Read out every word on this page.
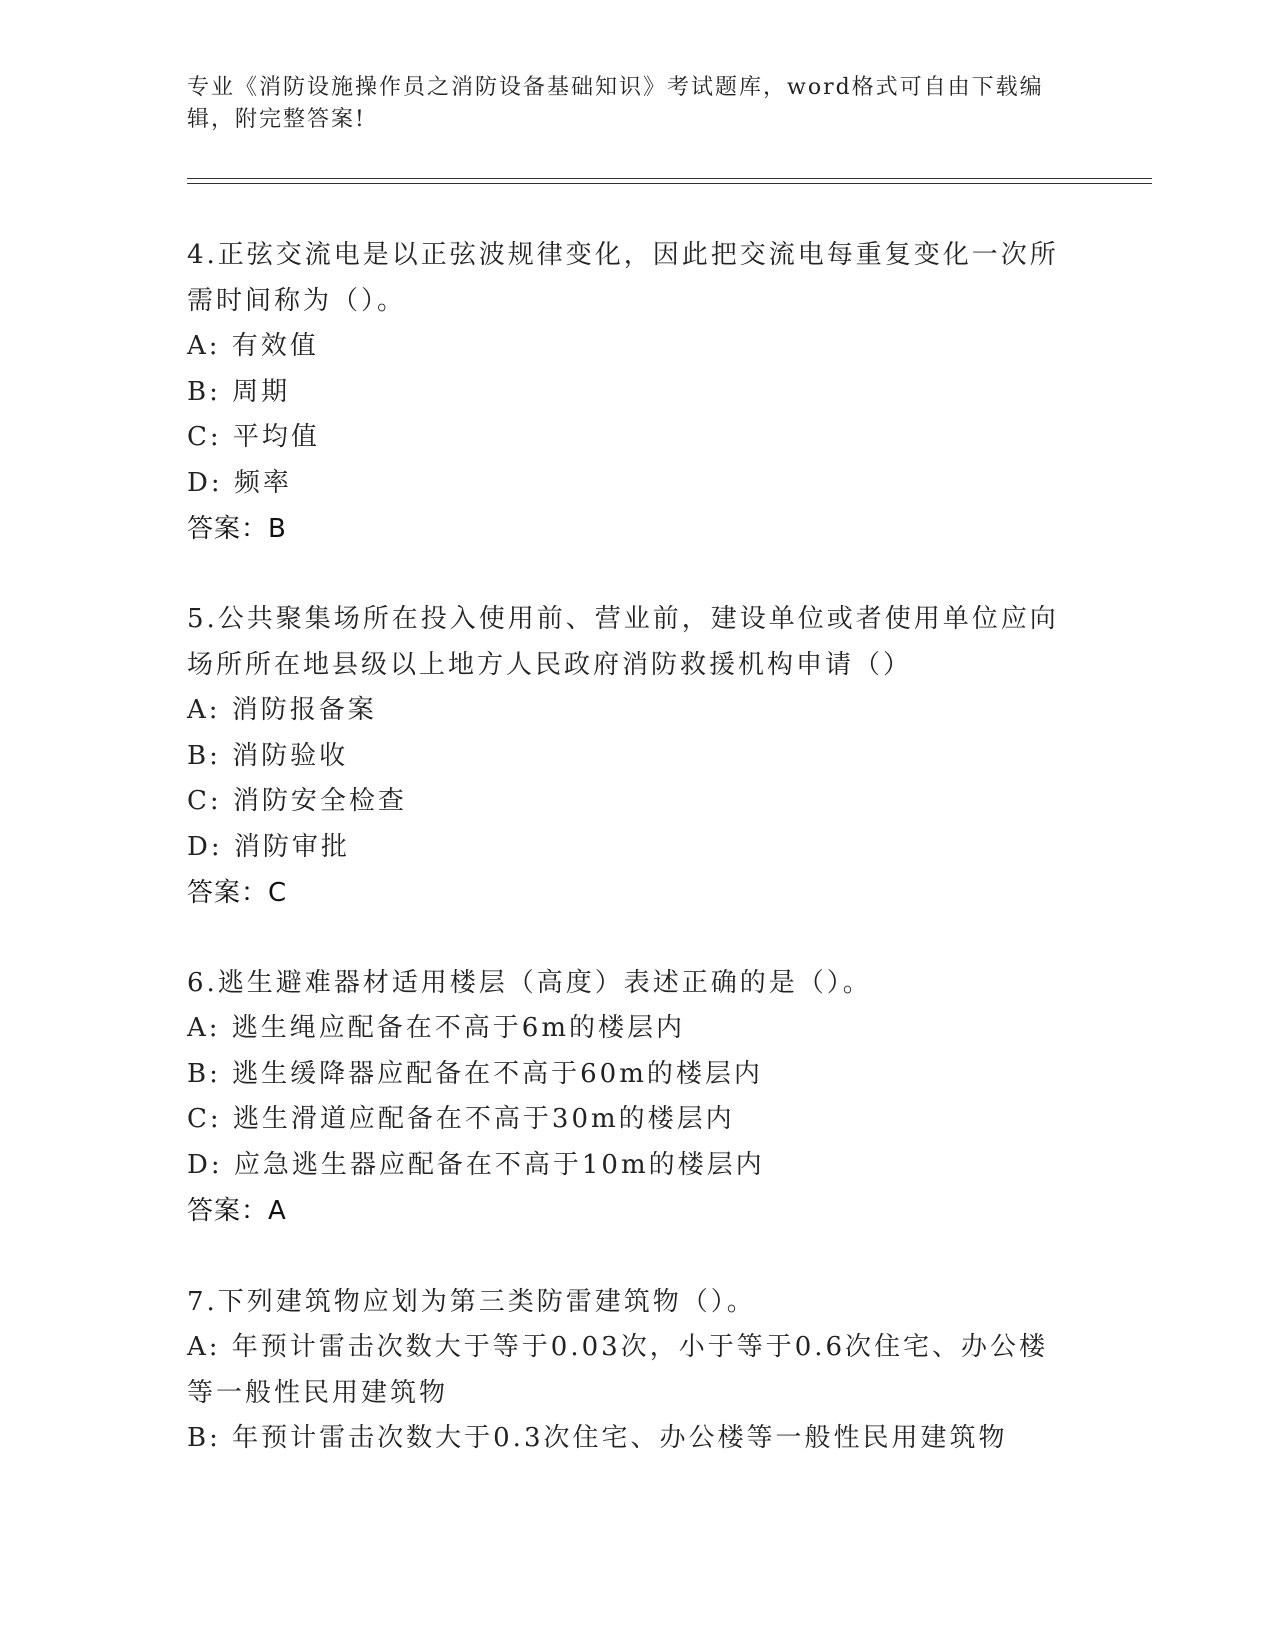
专业《消防设施操作员之消防设备基础知识》考试题库，word格式可自由下载编辑，附完整答案!
4.正弦交流电是以正弦波规律变化，因此把交流电每重复变化一次所需时间称为（）。
A: 有效值
B: 周期
C: 平均值
D: 频率
答案：B
5.公共聚集场所在投入使用前、营业前，建设单位或者使用单位应向场所所在地县级以上地方人民政府消防救援机构申请（）
A: 消防报备案
B: 消防验收
C: 消防安全检查
D: 消防审批
答案：C
6.逃生避难器材适用楼层（高度）表述正确的是（）。
A: 逃生绳应配备在不高于6m的楼层内
B: 逃生缓降器应配备在不高于60m的楼层内
C: 逃生滑道应配备在不高于30m的楼层内
D: 应急逃生器应配备在不高于10m的楼层内
答案：A
7.下列建筑物应划为第三类防雷建筑物（）。
A: 年预计雷击次数大于等于0.03次，小于等于0.6次住宅、办公楼等一般性民用建筑物
B: 年预计雷击次数大于0.3次住宅、办公楼等一般性民用建筑物
